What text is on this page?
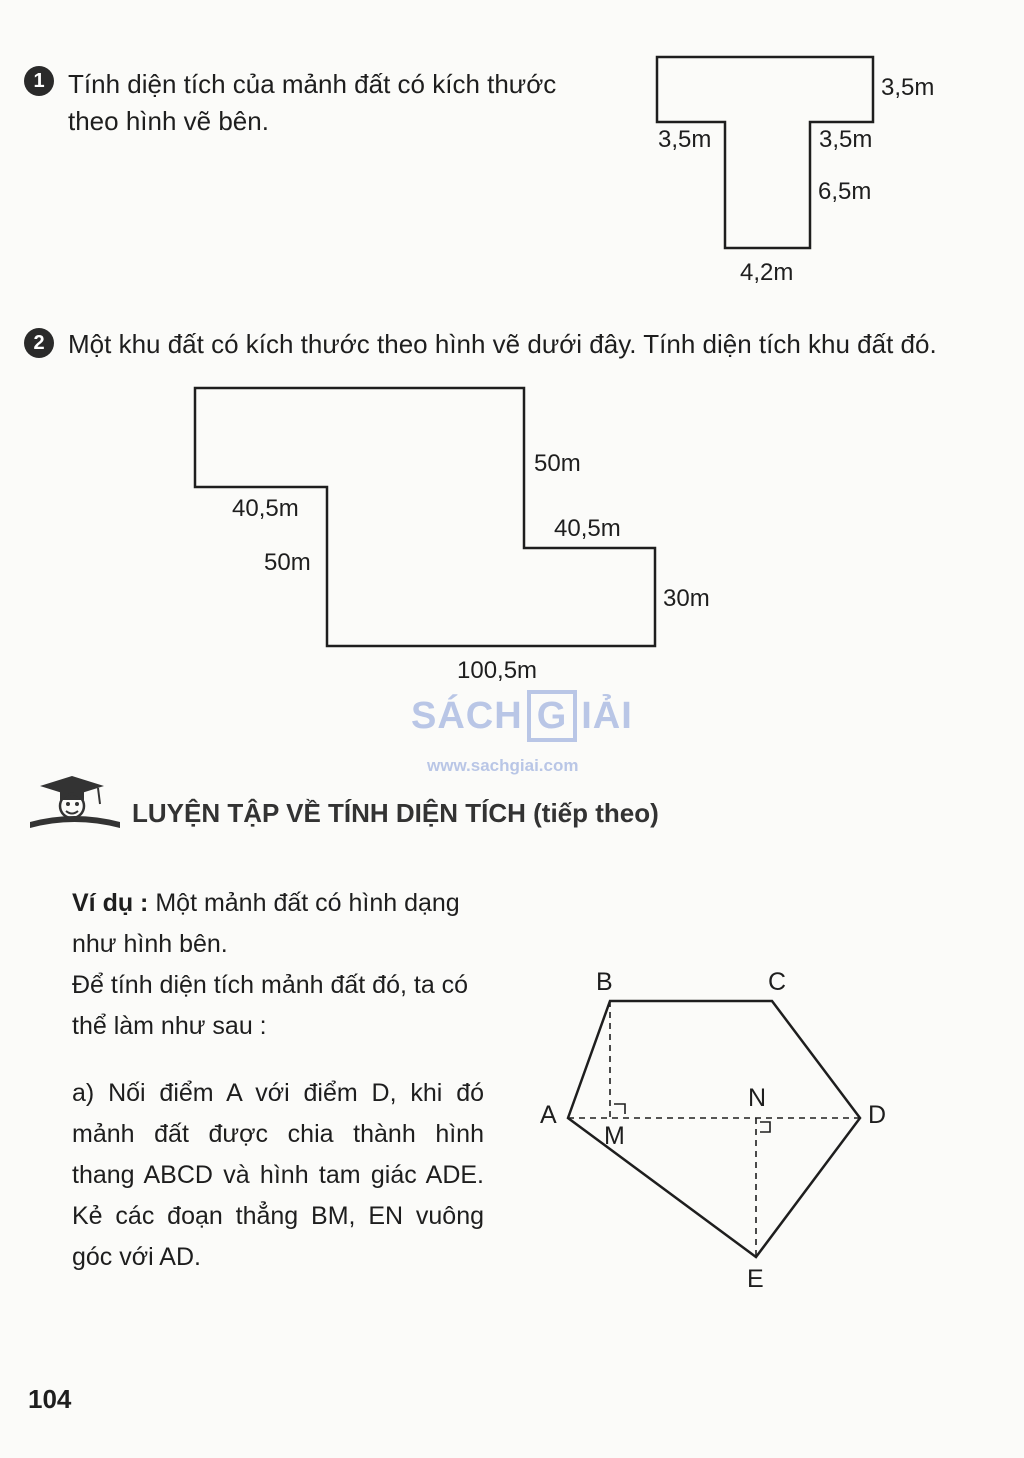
1 Tính diện tích của mảnh đất có kích thước
theo hình vẽ bên.
3,5m
3,5m	3,5m
6,5m
4,2m
2 Một khu đất có kích thước theo hình vẽ dưới đây. Tính diện tích khu đất đó.
50m
40,5m
50m
40,5m
30m
100,5m
SÁCH G IẢI
www.sachgiai.com
LUYỆN TẬP VỀ TÍNH DIỆN TÍCH (tiếp theo)
Ví dụ : Một mảnh đất có hình dạng
như hình bên.
Để tính diện tích mảnh đất đó, ta có
thể làm như sau :
a) Nối điểm A với điểm D, khi đó
mảnh đất được chia thành hình
thang ABCD và hình tam giác ADE.
Kẻ các đoạn thẳng BM, EN vuông
góc với AD.
B	C
A	D
N
M
E
104
